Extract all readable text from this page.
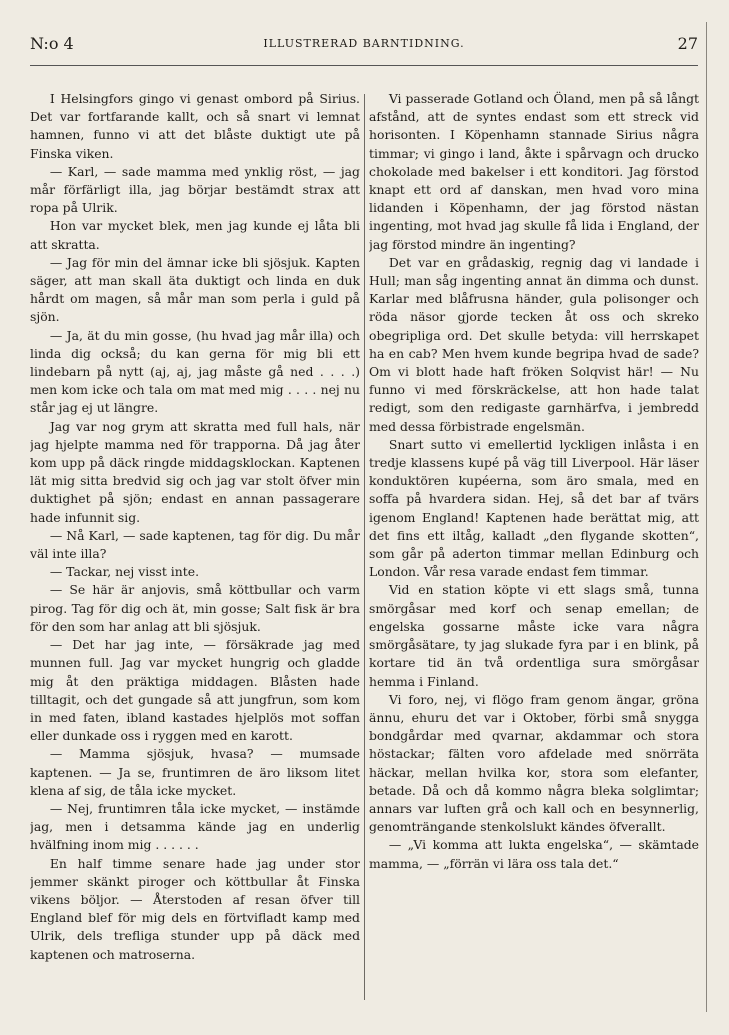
N:o 4	ILLUSTRERAD BARNTIDNING.	27

I Helsingfors gingo vi genast ombord på Sirius. Det var fortfarande kallt, och så snart vi lemnat hamnen, funno vi att det blåste duktigt ute på Finska viken.

— Karl, — sade mamma med ynklig röst, — jag mår förfärligt illa, jag börjar bestämdt strax att ropa på Ulrik.

Hon var mycket blek, men jag kunde ej låta bli att skratta.

— Jag för min del ämnar icke bli sjösjuk. Kapten säger, att man skall äta duktigt och linda en duk hårdt om magen, så mår man som perla i guld på sjön.

— Ja, ät du min gosse, (hu hvad jag mår illa) och linda dig också; du kan gerna för mig bli ett lindebarn på nytt (aj, aj, jag måste gå ned . . . .) men kom icke och tala om mat med mig . . . . nej nu står jag ej ut längre.

Jag var nog grym att skratta med full hals, när jag hjelpte mamma ned för trapporna. Då jag åter kom upp på däck ringde middagsklockan. Kaptenen lät mig sitta bredvid sig och jag var stolt öfver min duktighet på sjön; endast en annan passagerare hade infunnit sig.

— Nå Karl, — sade kaptenen, tag för dig. Du mår väl inte illa?

— Tackar, nej visst inte.

— Se här är anjovis, små köttbullar och varm pirog. Tag för dig och ät, min gosse; Salt fisk är bra för den som har anlag att bli sjösjuk.

— Det har jag inte, — försäkrade jag med munnen full. Jag var mycket hungrig och gladde mig åt den präktiga middagen. Blåsten hade tilltagit, och det gungade så att jungfrun, som kom in med faten, ibland kastades hjelplös mot soffan eller dunkade oss i ryggen med en karott.

— Mamma sjösjuk, hvasa? — mumsade kaptenen. — Ja se, fruntimren de äro liksom litet klena af sig, de tåla icke mycket.

— Nej, fruntimren tåla icke mycket, — instämde jag, men i detsamma kände jag en underlig hvälfning inom mig . . . . . .

En half timme senare hade jag under stor jemmer skänkt piroger och köttbullar åt Finska vikens böljor. — Återstoden af resan öfver till England blef för mig dels en förtvifladt kamp med Ulrik, dels trefliga stunder upp på däck med kaptenen och matroserna.

Vi passerade Gotland och Öland, men på så långt afstånd, att de syntes endast som ett streck vid horisonten. I Köpenhamn stannade Sirius några timmar; vi gingo i land, åkte i spårvagn och drucko chokolade med bakelser i ett konditori. Jag förstod knapt ett ord af danskan, men hvad voro mina lidanden i Köpenhamn, der jag förstod nästan ingenting, mot hvad jag skulle få lida i England, der jag förstod mindre än ingenting?

Det var en grådaskig, regnig dag vi landade i Hull; man såg ingenting annat än dimma och dunst. Karlar med blåfrusna händer, gula polisonger och röda näsor gjorde tecken åt oss och skreko obegripliga ord. Det skulle betyda: vill herrskapet ha en cab? Men hvem kunde begripa hvad de sade? Om vi blott hade haft fröken Solqvist här! — Nu funno vi med förskräckelse, att hon hade talat redigt, som den redigaste garnhärfva, i jembredd med dessa förbistrade engelsmän.

Snart sutto vi emellertid lyckligen inlåsta i en tredje klassens kupé på väg till Liverpool. Här läser konduktören kupéerna, som äro smala, med en soffa på hvardera sidan. Hej, så det bar af tvärs igenom England! Kaptenen hade berättat mig, att det fins ett iltåg, kalladt „den flygande skotten“, som går på aderton timmar mellan Edinburg och London. Vår resa varade endast fem timmar.

Vid en station köpte vi ett slags små, tunna smörgåsar med korf och senap emellan; de engelska gossarne måste icke vara några smörgåsätare, ty jag slukade fyra par i en blink, på kortare tid än två ordentliga sura smörgåsar hemma i Finland.

Vi foro, nej, vi flögo fram genom ängar, gröna ännu, ehuru det var i Oktober, förbi små snygga bondgårdar med qvarnar, akdammar och stora höstackar; fälten voro afdelade med snörräta häckar, mellan hvilka kor, stora som elefanter, betade. Då och då kommo några bleka solglimtar; annars var luften grå och kall och en besynnerlig, genomträngande stenkolslukt kändes öfverallt.

— „Vi komma att lukta engelska“, — skämtade mamma, — „förrän vi lära oss tala det.“
